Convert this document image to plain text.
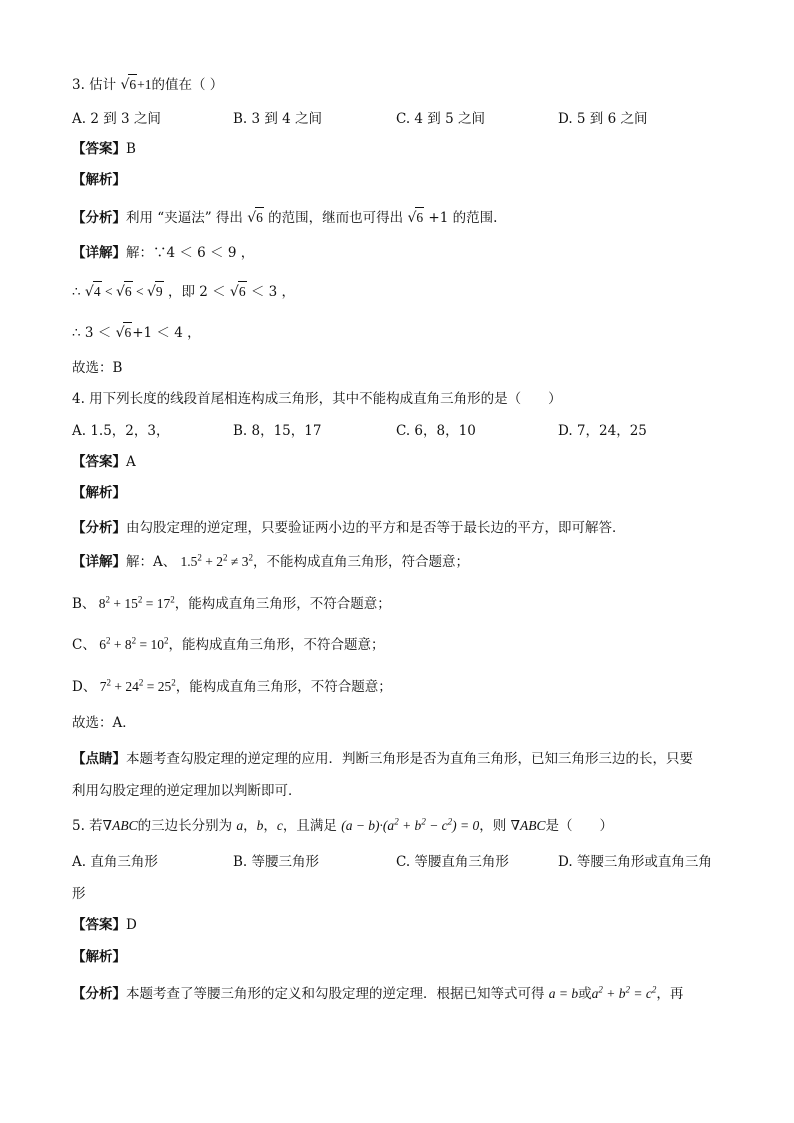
3. 估计 √6+1的值在（ ）
A. 2 到 3 之间	B. 3 到 4 之间	C. 4 到 5 之间	D. 5 到 6 之间
【答案】B
【解析】
【分析】利用 “夹逼法” 得出 √6 的范围，继而也可得出 √6 +1 的范围.
【详解】解：∵4 ＜ 6 ＜ 9 ，
∴ √4 < √6 < √9 ，即 2 ＜ √6 ＜ 3 ，
∴ 3 ＜ √6+1 ＜ 4 ，
故选：B
4. 用下列长度的线段首尾相连构成三角形，其中不能构成直角三角形的是（　　）
A. 1.5，2，3，	B. 8，15，17	C. 6，8，10	D. 7，24，25
【答案】A
【解析】
【分析】由勾股定理的逆定理，只要验证两小边的平方和是否等于最长边的平方，即可解答．
【详解】解：A、 $1.5^2 + 2^2 \ne 3^2$，不能构成直角三角形，符合题意；
B、 $8^2 + 15^2 = 17^2$，能构成直角三角形，不符合题意；
C、 $6^2 + 8^2 = 10^2$，能构成直角三角形，不符合题意；
D、 $7^2 + 24^2 = 25^2$，能构成直角三角形，不符合题意；
故选：A．
【点睛】本题考查勾股定理的逆定理的应用．判断三角形是否为直角三角形，已知三角形三边的长，只要
利用勾股定理的逆定理加以判断即可．
5. 若∇ABC的三边长分别为 a，b，c，且满足 $(a - b)\cdot(a^2 + b^2 - c^2) = 0$，则 ∇ABC是（　　）
A. 直角三角形	B. 等腰三角形	C. 等腰直角三角形	D. 等腰三角形或直角三角
形
【答案】D
【解析】
【分析】本题考查了等腰三角形的定义和勾股定理的逆定理．根据已知等式可得 a = b或$a^2 + b^2 = c^2$，再
